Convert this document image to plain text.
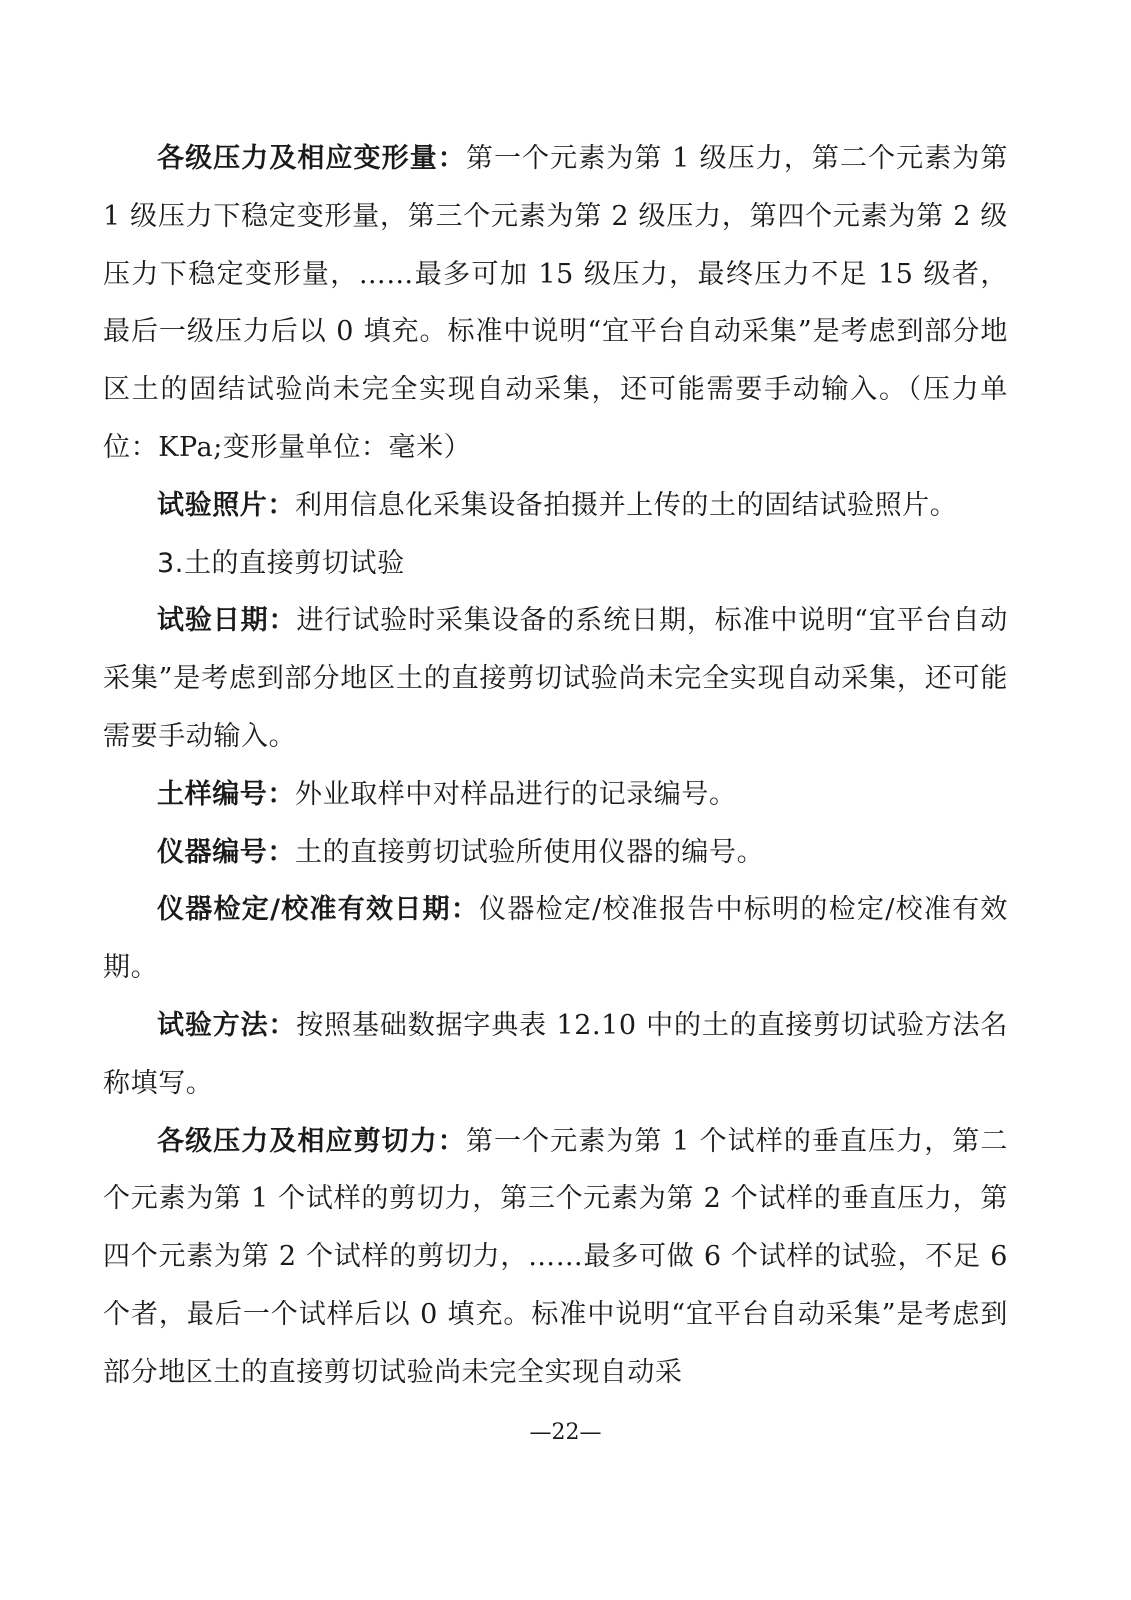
各级压力及相应变形量：第一个元素为第 1 级压力，第二个元素为第 1 级压力下稳定变形量，第三个元素为第 2 级压力，第四个元素为第 2 级压力下稳定变形量，……最多可加 15 级压力，最终压力不足 15 级者，最后一级压力后以 0 填充。标准中说明“宜平台自动采集”是考虑到部分地区土的固结试验尚未完全实现自动采集，还可能需要手动输入。（压力单位：KPa;变形量单位：毫米）

试验照片：利用信息化采集设备拍摄并上传的土的固结试验照片。

3.土的直接剪切试验

试验日期：进行试验时采集设备的系统日期，标准中说明“宜平台自动采集”是考虑到部分地区土的直接剪切试验尚未完全实现自动采集，还可能需要手动输入。

土样编号：外业取样中对样品进行的记录编号。

仪器编号：土的直接剪切试验所使用仪器的编号。

仪器检定/校准有效日期：仪器检定/校准报告中标明的检定/校准有效期。

试验方法：按照基础数据字典表 12.10 中的土的直接剪切试验方法名称填写。

各级压力及相应剪切力：第一个元素为第 1 个试样的垂直压力，第二个元素为第 1 个试样的剪切力，第三个元素为第 2 个试样的垂直压力，第四个元素为第 2 个试样的剪切力，……最多可做 6 个试样的试验，不足 6 个者，最后一个试样后以 0 填充。标准中说明“宜平台自动采集”是考虑到部分地区土的直接剪切试验尚未完全实现自动采

—22—
